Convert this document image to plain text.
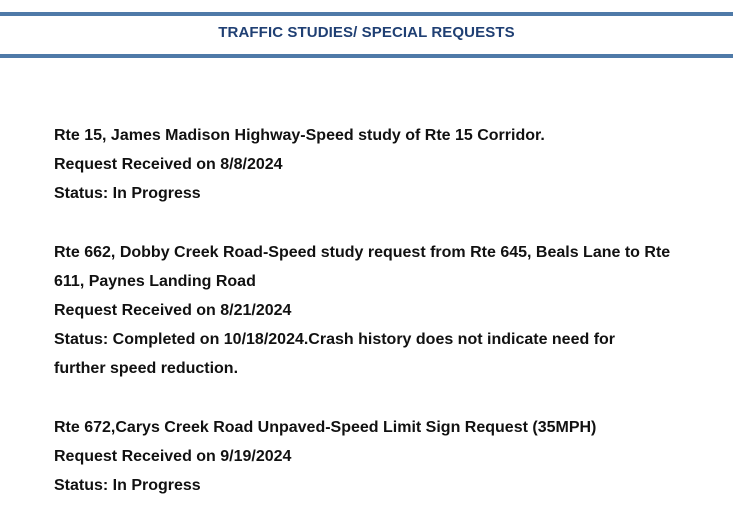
TRAFFIC STUDIES/ SPECIAL REQUESTS
Rte 15, James Madison Highway-Speed study of Rte 15 Corridor.
Request Received on 8/8/2024
Status: In Progress
Rte 662, Dobby Creek Road-Speed study request from Rte 645, Beals Lane to Rte
611, Paynes Landing Road
Request Received on 8/21/2024
Status: Completed on 10/18/2024.Crash history does not indicate need for
further speed reduction.
Rte 672,Carys Creek Road Unpaved-Speed Limit Sign Request (35MPH)
Request Received on 9/19/2024
Status: In Progress
